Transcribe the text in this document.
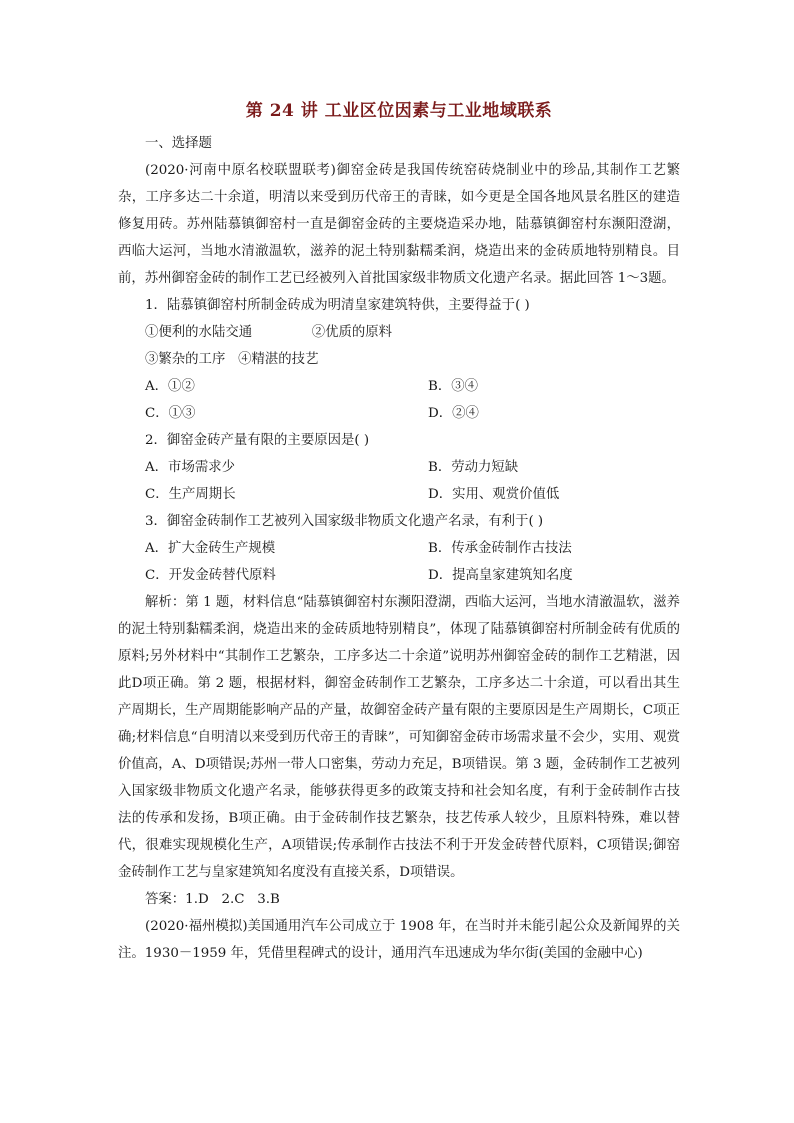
第 24 讲 工业区位因素与工业地域联系

一、选择题

(2020·河南中原名校联盟联考)御窑金砖是我国传统窑砖烧制业中的珍品,其制作工艺繁杂，工序多达二十余道，明清以来受到历代帝王的青睐，如今更是全国各地风景名胜区的建造修复用砖。苏州陆慕镇御窑村一直是御窑金砖的主要烧造采办地，陆慕镇御窑村东濒阳澄湖，西临大运河，当地水清澈温软，滋养的泥土特别黏糯柔润，烧造出来的金砖质地特别精良。目前，苏州御窑金砖的制作工艺已经被列入首批国家级非物质文化遗产名录。据此回答 1～3题。

1．陆慕镇御窑村所制金砖成为明清皇家建筑特供，主要得益于( )

①便利的水陆交通              ②优质的原料

③繁杂的工序   ④精湛的技艺

A．①②	B．③④
C．①③	D．②④

2．御窑金砖产量有限的主要原因是( )

A．市场需求少	B．劳动力短缺
C．生产周期长	D．实用、观赏价值低

3．御窑金砖制作工艺被列入国家级非物质文化遗产名录，有利于( )

A．扩大金砖生产规模	B．传承金砖制作古技法
C．开发金砖替代原料	D．提高皇家建筑知名度

解析：第 1 题，材料信息“陆慕镇御窑村东濒阳澄湖，西临大运河，当地水清澈温软，滋养的泥土特别黏糯柔润，烧造出来的金砖质地特别精良”，体现了陆慕镇御窑村所制金砖有优质的原料;另外材料中“其制作工艺繁杂，工序多达二十余道”说明苏州御窑金砖的制作工艺精湛，因此D项正确。第 2 题，根据材料，御窑金砖制作工艺繁杂，工序多达二十余道，可以看出其生产周期长，生产周期能影响产品的产量，故御窑金砖产量有限的主要原因是生产周期长，C项正确;材料信息“自明清以来受到历代帝王的青睐”，可知御窑金砖市场需求量不会少，实用、观赏价值高，A、D项错误;苏州一带人口密集，劳动力充足，B项错误。第 3 题，金砖制作工艺被列入国家级非物质文化遗产名录，能够获得更多的政策支持和社会知名度，有利于金砖制作古技法的传承和发扬，B项正确。由于金砖制作技艺繁杂，技艺传承人较少，且原料特殊，难以替代，很难实现规模化生产，A项错误;传承制作古技法不利于开发金砖替代原料，C项错误;御窑金砖制作工艺与皇家建筑知名度没有直接关系，D项错误。

答案：1.D   2.C   3.B

(2020·福州模拟)美国通用汽车公司成立于 1908 年，在当时并未能引起公众及新闻界的关注。1930－1959 年，凭借里程碑式的设计，通用汽车迅速成为华尔街(美国的金融中心)
